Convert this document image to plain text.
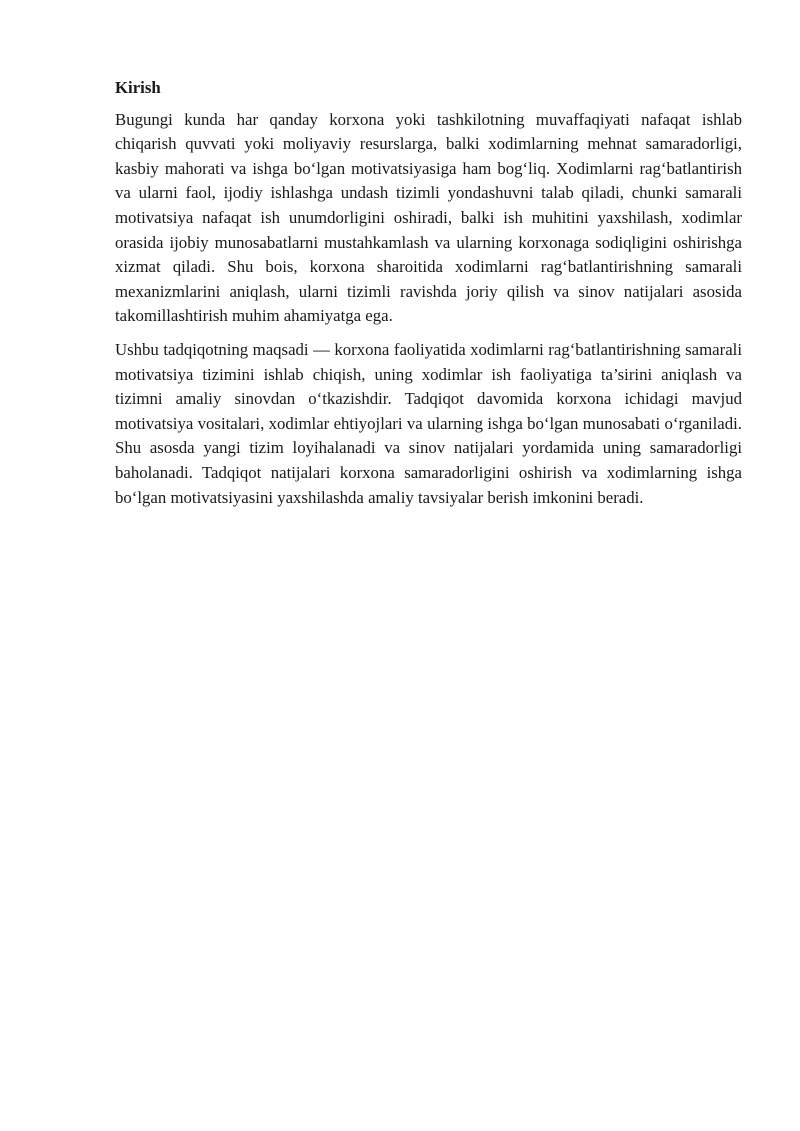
Kirish

Bugungi kunda har qanday korxona yoki tashkilotning muvaffaqiyati nafaqat ishlab chiqarish quvvati yoki moliyaviy resurslarga, balki xodimlarning mehnat samaradorligi, kasbiy mahorati va ishga bo‘lgan motivatsiyasiga ham bog‘liq. Xodimlarni rag‘batlantirish va ularni faol, ijodiy ishlashga undash tizimli yondashuvni talab qiladi, chunki samarali motivatsiya nafaqat ish unumdorligini oshiradi, balki ish muhitini yaxshilash, xodimlar orasida ijobiy munosabatlarni mustahkamlash va ularning korxonaga sodiqligini oshirishga xizmat qiladi. Shu bois, korxona sharoitida xodimlarni rag‘batlantirishning samarali mexanizmlarini aniqlash, ularni tizimli ravishda joriy qilish va sinov natijalari asosida takomillashtirish muhim ahamiyatga ega.

Ushbu tadqiqotning maqsadi — korxona faoliyatida xodimlarni rag‘batlantirishning samarali motivatsiya tizimini ishlab chiqish, uning xodimlar ish faoliyatiga ta’sirini aniqlash va tizimni amaliy sinovdan o‘tkazishdir. Tadqiqot davomida korxona ichidagi mavjud motivatsiya vositalari, xodimlar ehtiyojlari va ularning ishga bo‘lgan munosabati o‘rganiladi. Shu asosda yangi tizim loyihalanadi va sinov natijalari yordamida uning samaradorligi baholanadi. Tadqiqot natijalari korxona samaradorligini oshirish va xodimlarning ishga bo‘lgan motivatsiyasini yaxshilashda amaliy tavsiyalar berish imkonini beradi.
